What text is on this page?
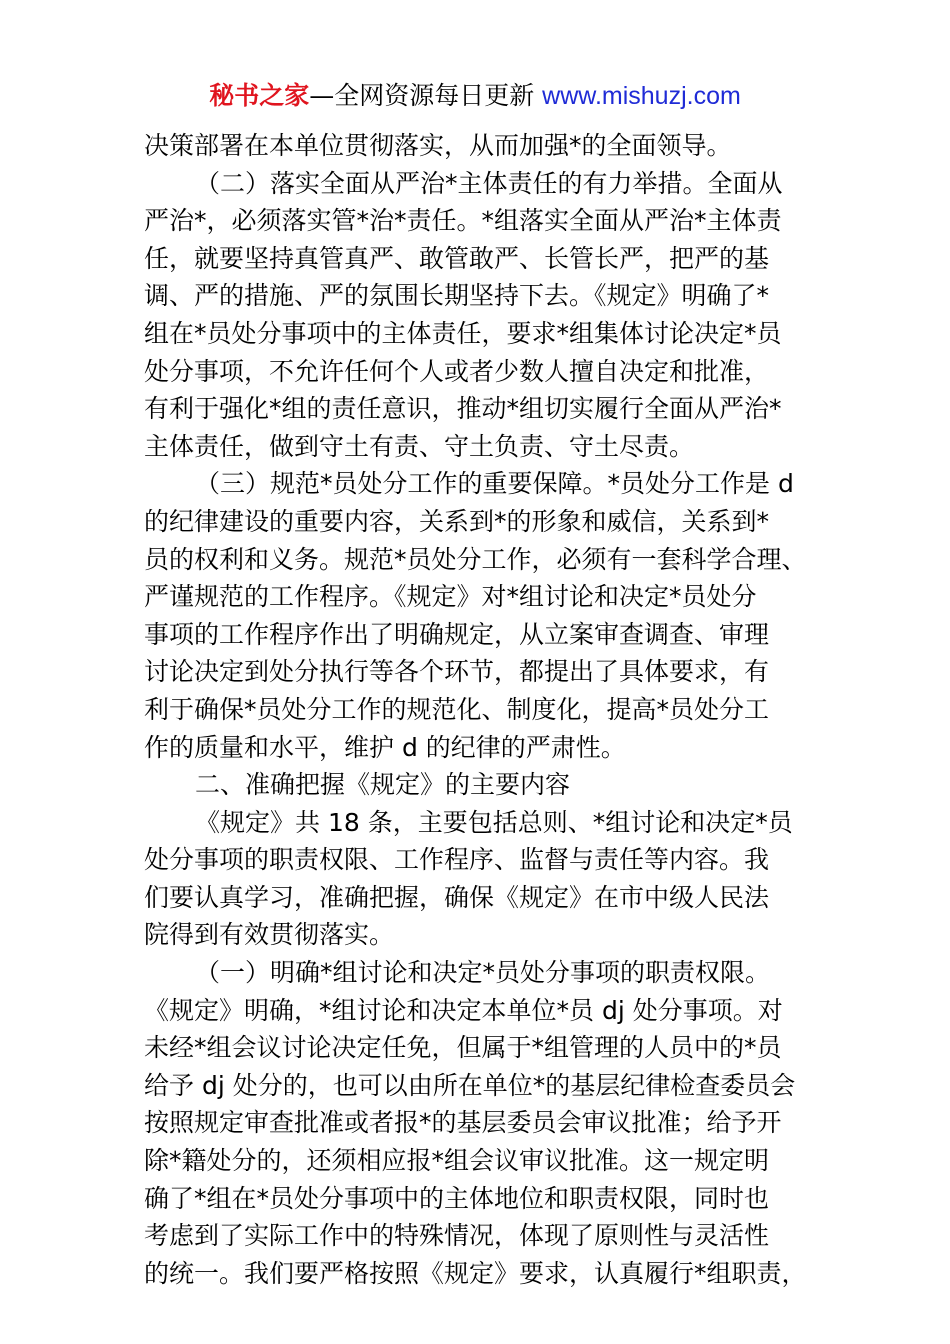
秘书之家—全网资源每日更新 www.mishuzj.com
决策部署在本单位贯彻落实，从而加强*的全面领导。
（二）落实全面从严治*主体责任的有力举措。全面从
严治*，必须落实管*治*责任。*组落实全面从严治*主体责
任，就要坚持真管真严、敢管敢严、长管长严，把严的基
调、严的措施、严的氛围长期坚持下去。《规定》明确了*
组在*员处分事项中的主体责任，要求*组集体讨论决定*员
处分事项，不允许任何个人或者少数人擅自决定和批准，
有利于强化*组的责任意识，推动*组切实履行全面从严治*
主体责任，做到守土有责、守土负责、守土尽责。
（三）规范*员处分工作的重要保障。*员处分工作是 d
的纪律建设的重要内容，关系到*的形象和威信，关系到*
员的权利和义务。规范*员处分工作，必须有一套科学合理、
严谨规范的工作程序。《规定》对*组讨论和决定*员处分
事项的工作程序作出了明确规定，从立案审查调查、审理
讨论决定到处分执行等各个环节，都提出了具体要求，有
利于确保*员处分工作的规范化、制度化，提高*员处分工
作的质量和水平，维护 d 的纪律的严肃性。
二、准确把握《规定》的主要内容
《规定》共 18 条，主要包括总则、*组讨论和决定*员
处分事项的职责权限、工作程序、监督与责任等内容。我
们要认真学习，准确把握，确保《规定》在市中级人民法
院得到有效贯彻落实。
（一）明确*组讨论和决定*员处分事项的职责权限。
《规定》明确，*组讨论和决定本单位*员 dj 处分事项。对
未经*组会议讨论决定任免，但属于*组管理的人员中的*员
给予 dj 处分的，也可以由所在单位*的基层纪律检查委员会
按照规定审查批准或者报*的基层委员会审议批准；给予开
除*籍处分的，还须相应报*组会议审议批准。这一规定明
确了*组在*员处分事项中的主体地位和职责权限，同时也
考虑到了实际工作中的特殊情况，体现了原则性与灵活性
的统一。我们要严格按照《规定》要求，认真履行*组职责，
